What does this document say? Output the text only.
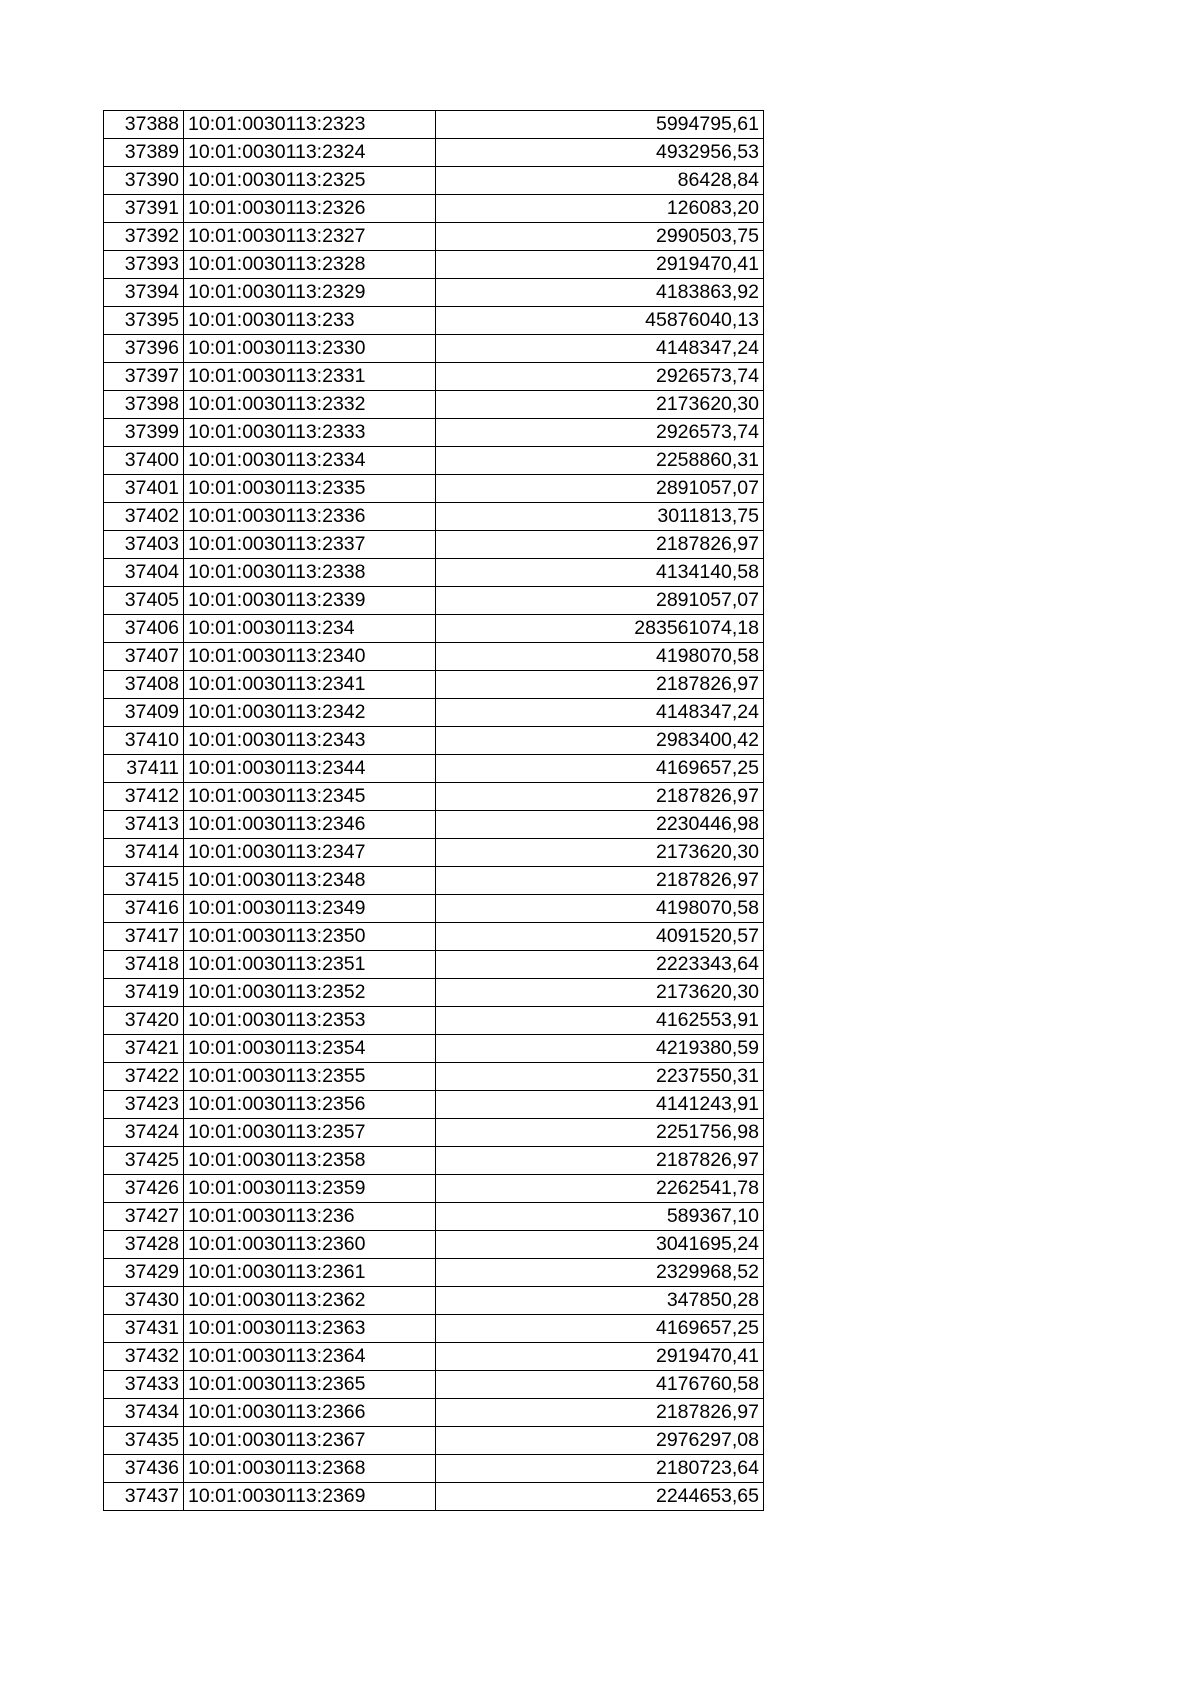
37388	10:01:0030113:2323	5994795,61
37389	10:01:0030113:2324	4932956,53
37390	10:01:0030113:2325	86428,84
37391	10:01:0030113:2326	126083,20
37392	10:01:0030113:2327	2990503,75
37393	10:01:0030113:2328	2919470,41
37394	10:01:0030113:2329	4183863,92
37395	10:01:0030113:233	45876040,13
37396	10:01:0030113:2330	4148347,24
37397	10:01:0030113:2331	2926573,74
37398	10:01:0030113:2332	2173620,30
37399	10:01:0030113:2333	2926573,74
37400	10:01:0030113:2334	2258860,31
37401	10:01:0030113:2335	2891057,07
37402	10:01:0030113:2336	3011813,75
37403	10:01:0030113:2337	2187826,97
37404	10:01:0030113:2338	4134140,58
37405	10:01:0030113:2339	2891057,07
37406	10:01:0030113:234	283561074,18
37407	10:01:0030113:2340	4198070,58
37408	10:01:0030113:2341	2187826,97
37409	10:01:0030113:2342	4148347,24
37410	10:01:0030113:2343	2983400,42
37411	10:01:0030113:2344	4169657,25
37412	10:01:0030113:2345	2187826,97
37413	10:01:0030113:2346	2230446,98
37414	10:01:0030113:2347	2173620,30
37415	10:01:0030113:2348	2187826,97
37416	10:01:0030113:2349	4198070,58
37417	10:01:0030113:2350	4091520,57
37418	10:01:0030113:2351	2223343,64
37419	10:01:0030113:2352	2173620,30
37420	10:01:0030113:2353	4162553,91
37421	10:01:0030113:2354	4219380,59
37422	10:01:0030113:2355	2237550,31
37423	10:01:0030113:2356	4141243,91
37424	10:01:0030113:2357	2251756,98
37425	10:01:0030113:2358	2187826,97
37426	10:01:0030113:2359	2262541,78
37427	10:01:0030113:236	589367,10
37428	10:01:0030113:2360	3041695,24
37429	10:01:0030113:2361	2329968,52
37430	10:01:0030113:2362	347850,28
37431	10:01:0030113:2363	4169657,25
37432	10:01:0030113:2364	2919470,41
37433	10:01:0030113:2365	4176760,58
37434	10:01:0030113:2366	2187826,97
37435	10:01:0030113:2367	2976297,08
37436	10:01:0030113:2368	2180723,64
37437	10:01:0030113:2369	2244653,65
